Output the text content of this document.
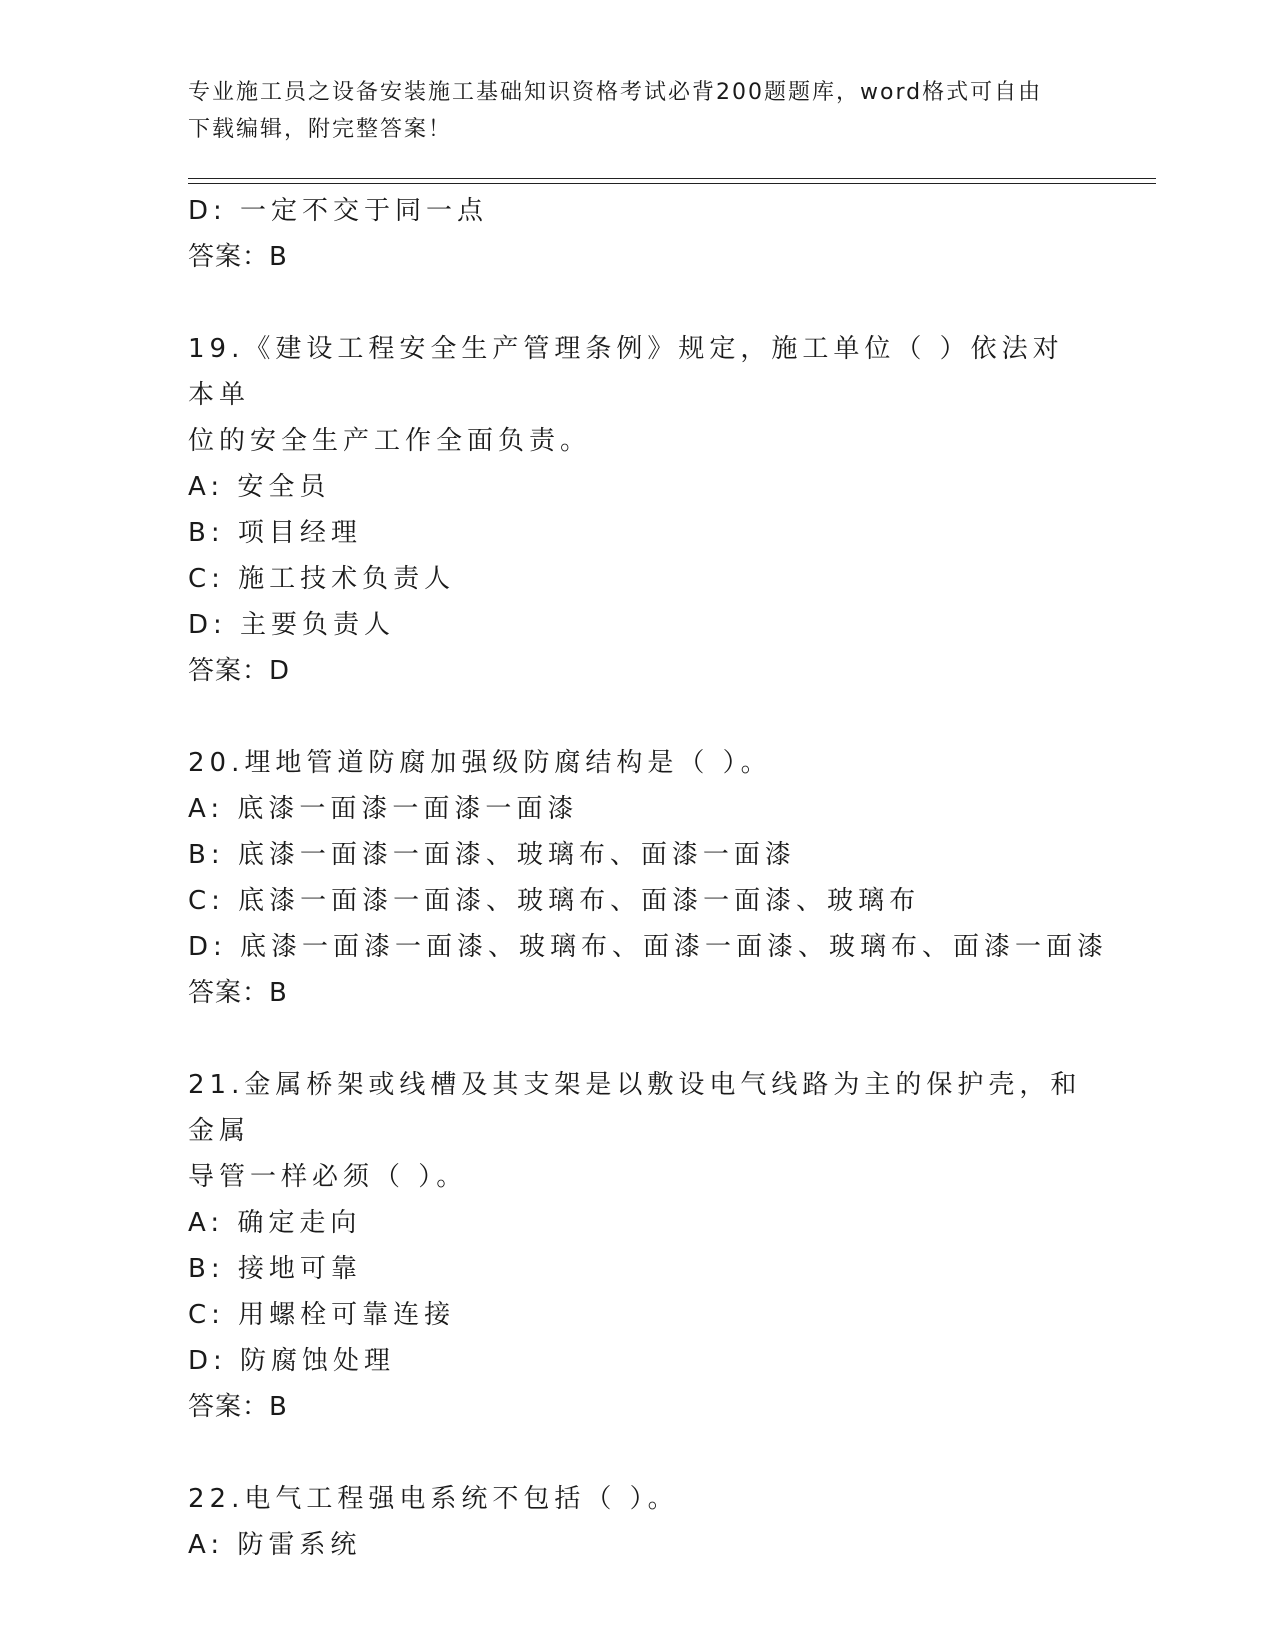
专业施工员之设备安装施工基础知识资格考试必背200题题库，word格式可自由
下载编辑，附完整答案！
D: 一定不交于同一点
答案：B
19.《建设工程安全生产管理条例》规定，施工单位（ ）依法对本单
位的安全生产工作全面负责。
A: 安全员
B: 项目经理
C: 施工技术负责人
D: 主要负责人
答案：D
20.埋地管道防腐加强级防腐结构是（ ）。
A: 底漆一面漆一面漆一面漆
B: 底漆一面漆一面漆、玻璃布、面漆一面漆
C: 底漆一面漆一面漆、玻璃布、面漆一面漆、玻璃布
D: 底漆一面漆一面漆、玻璃布、面漆一面漆、玻璃布、面漆一面漆
答案：B
21.金属桥架或线槽及其支架是以敷设电气线路为主的保护壳，和金属
导管一样必须（ ）。
A: 确定走向
B: 接地可靠
C: 用螺栓可靠连接
D: 防腐蚀处理
答案：B
22.电气工程强电系统不包括（ ）。
A: 防雷系统
